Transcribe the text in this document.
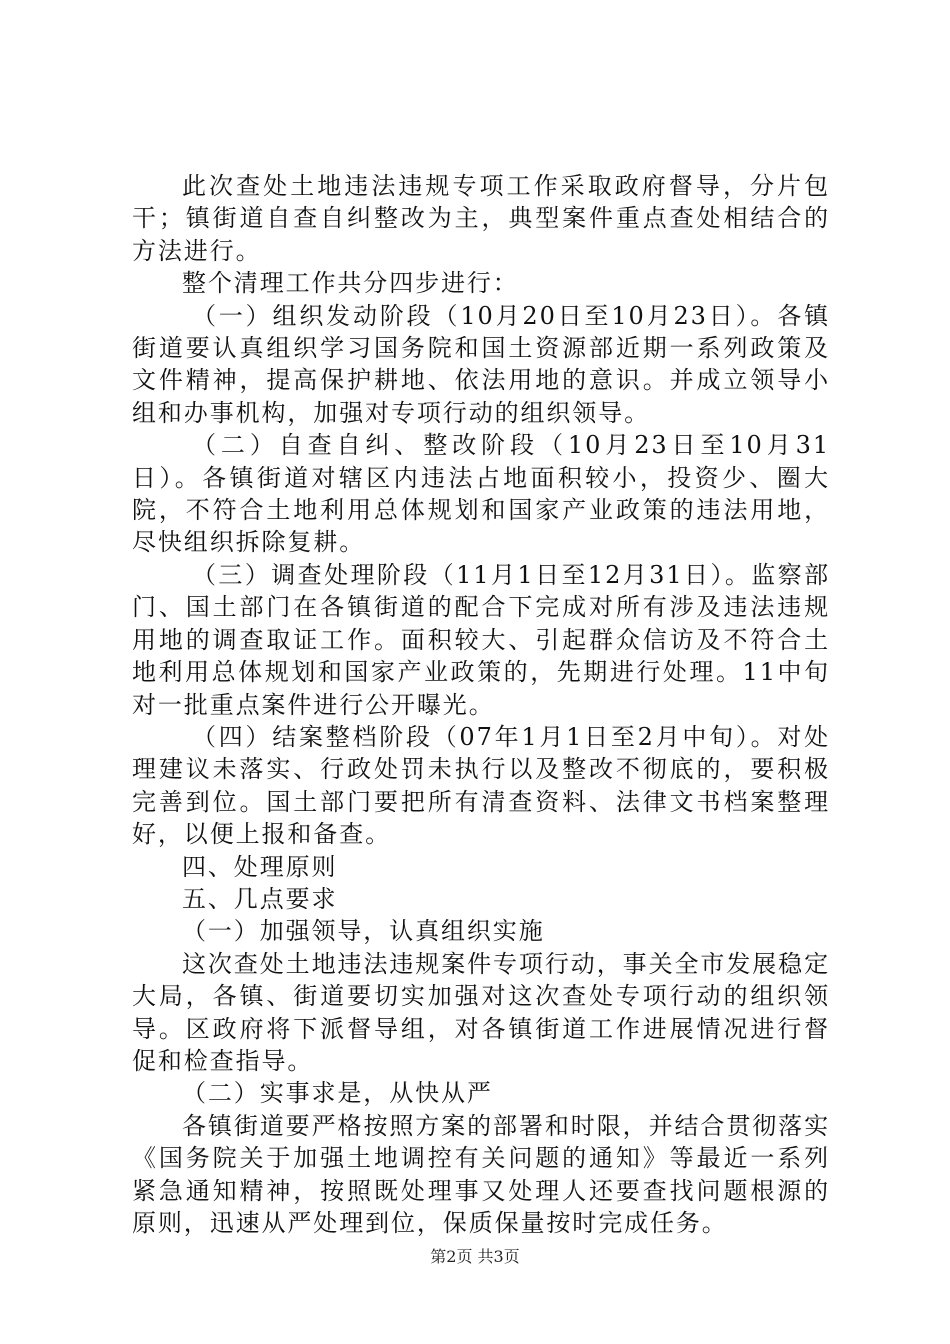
此次查处土地违法违规专项工作采取政府督导，分片包干；镇街道自查自纠整改为主，典型案件重点查处相结合的方法进行。

整个清理工作共分四步进行：

（一）组织发动阶段（10月20日至10月23日）。各镇街道要认真组织学习国务院和国土资源部近期一系列政策及文件精神，提高保护耕地、依法用地的意识。并成立领导小组和办事机构，加强对专项行动的组织领导。

（二）自查自纠、整改阶段（10月23日至10月31日）。各镇街道对辖区内违法占地面积较小，投资少、圈大院，不符合土地利用总体规划和国家产业政策的违法用地，尽快组织拆除复耕。

（三）调查处理阶段（11月1日至12月31日）。监察部门、国土部门在各镇街道的配合下完成对所有涉及违法违规用地的调查取证工作。面积较大、引起群众信访及不符合土地利用总体规划和国家产业政策的，先期进行处理。11中旬对一批重点案件进行公开曝光。

（四）结案整档阶段（07年1月1日至2月中旬）。对处理建议未落实、行政处罚未执行以及整改不彻底的，要积极完善到位。国土部门要把所有清查资料、法律文书档案整理好，以便上报和备查。

四、处理原则

五、几点要求

（一）加强领导，认真组织实施

这次查处土地违法违规案件专项行动，事关全市发展稳定大局，各镇、街道要切实加强对这次查处专项行动的组织领导。区政府将下派督导组，对各镇街道工作进展情况进行督促和检查指导。

（二）实事求是，从快从严

各镇街道要严格按照方案的部署和时限，并结合贯彻落实《国务院关于加强土地调控有关问题的通知》等最近一系列紧急通知精神，按照既处理事又处理人还要查找问题根源的原则，迅速从严处理到位，保质保量按时完成任务。

第2页 共3页
